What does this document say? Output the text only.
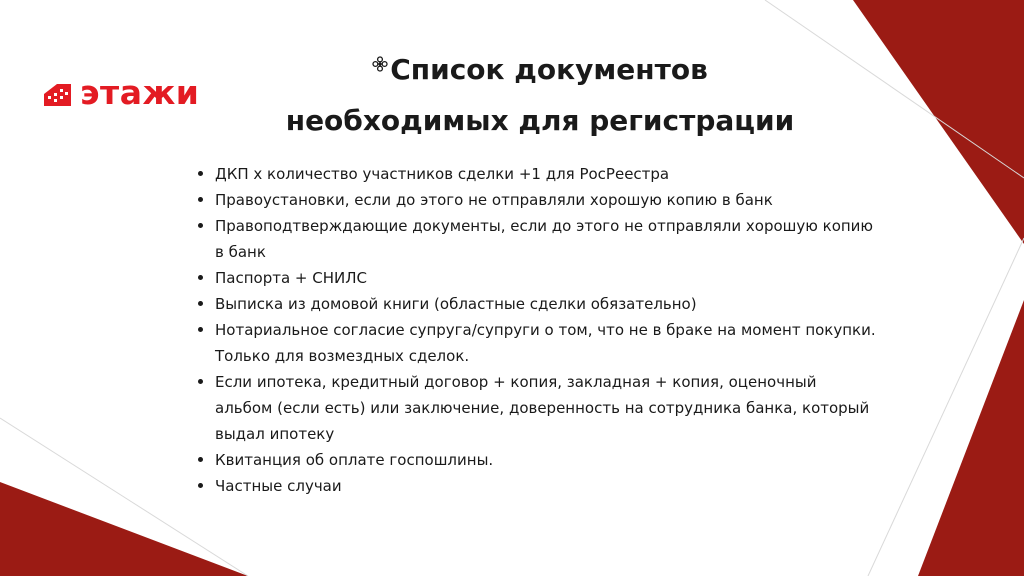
этажи
Список документов
необходимых для регистрации
ДКП х количество участников сделки +1 для РосРеестра
Правоустановки, если до этого не отправляли хорошую копию в банк
Правоподтверждающие документы, если до этого не отправляли хорошую копию в банк
Паспорта + СНИЛС
Выписка из домовой книги (областные сделки обязательно)
Нотариальное согласие супруга/супруги о том, что не в браке на момент покупки. Только для возмездных сделок.
Если ипотека, кредитный договор + копия, закладная + копия, оценочный альбом (если есть) или заключение, доверенность на сотрудника банка, который выдал ипотеку
Квитанция об оплате госпошлины.
Частные случаи
